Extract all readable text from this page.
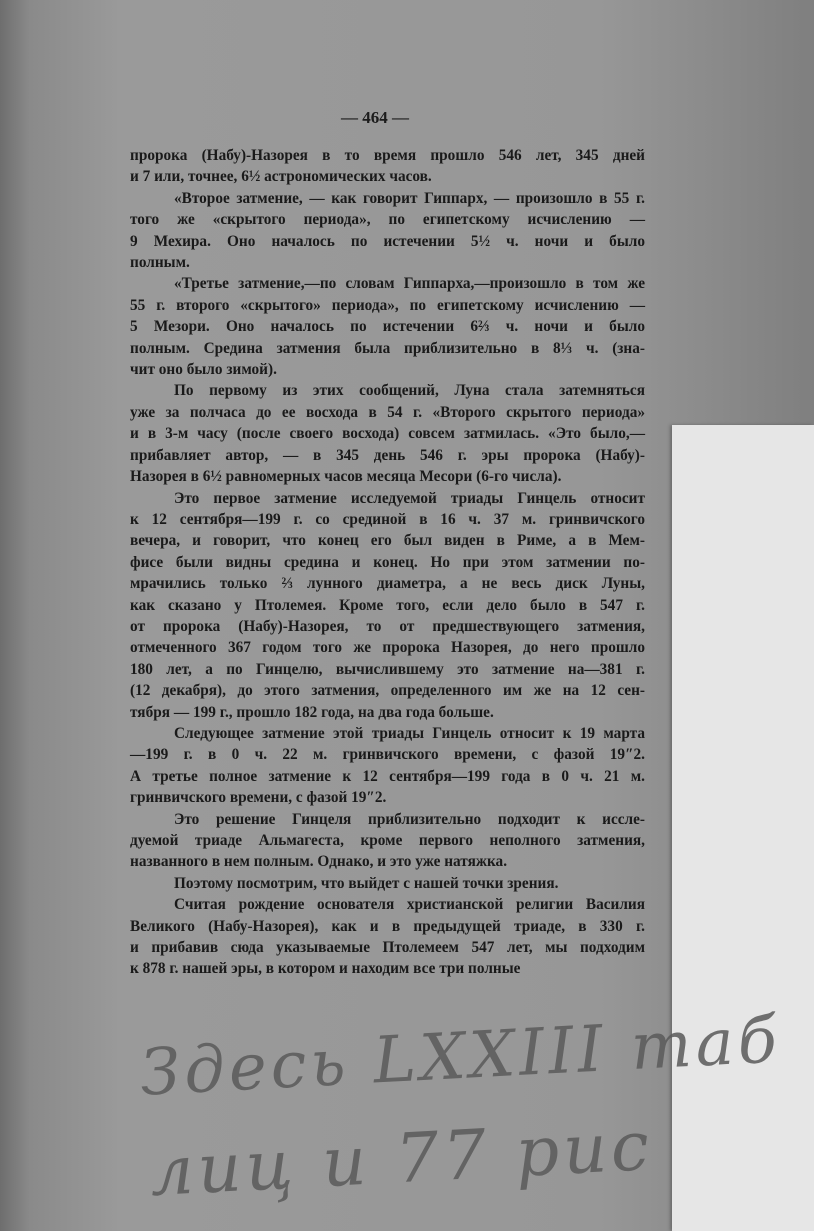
— 464 —
пророка (Набу)-Назорея в то время прошло 546 лет, 345 дней
и 7 или, точнее, 6½ астрономических часов.
«Второе затмение, — как говорит Гиппарх, — произошло в 55 г.
того же «скрытого периода», по египетскому исчислению —
9 Мехира. Оно началось по истечении 5½ ч. ночи и было
полным.
«Третье затмение,—по словам Гиппарха,—произошло в том же
55 г. второго «скрытого» периода», по египетскому исчислению —
5 Мезори. Оно началось по истечении 6⅔ ч. ночи и было
полным. Средина затмения была приблизительно в 8⅓ ч. (зна-
чит оно было зимой).
По первому из этих сообщений, Луна стала затемняться
уже за полчаса до ее восхода в 54 г. «Второго скрытого периода»
и в 3-м часу (после своего восхода) совсем затмилась. «Это было,—
прибавляет автор, — в 345 день 546 г. эры пророка (Набу)-
Назорея в 6½ равномерных часов месяца Месори (6-го числа).
Это первое затмение исследуемой триады Гинцель относит
к 12 сентября—199 г. со срединой в 16 ч. 37 м. гринвичского
вечера, и говорит, что конец его был виден в Риме, а в Мем-
фисе были видны средина и конец. Но при этом затмении по-
мрачились только ⅔ лунного диаметра, а не весь диск Луны,
как сказано у Птолемея. Кроме того, если дело было в 547 г.
от пророка (Набу)-Назорея, то от предшествующего затмения,
отмеченного 367 годом того же пророка Назорея, до него прошло
180 лет, а по Гинцелю, вычислившему это затмение на—381 г.
(12 декабря), до этого затмения, определенного им же на 12 сен-
тября — 199 г., прошло 182 года, на два года больше.
Следующее затмение этой триады Гинцель относит к 19 марта
—199 г. в 0 ч. 22 м. гринвичского времени, с фазой 19″2.
А третье полное затмение к 12 сентября—199 года в 0 ч. 21 м.
гринвичского времени, с фазой 19″2.
Это решение Гинцеля приблизительно подходит к иссле-
дуемой триаде Альмагеста, кроме первого неполного затмения,
названного в нем полным. Однако, и это уже натяжка.
Поэтому посмотрим, что выйдет с нашей точки зрения.
Считая рождение основателя христианской религии Василия
Великого (Набу-Назорея), как и в предыдущей триаде, в 330 г.
и прибавив сюда указываемые Птолемеем 547 лет, мы подходим
к 878 г. нашей эры, в котором и находим все три полные
Здесь LXXIII таб
лиц и 77 рис
